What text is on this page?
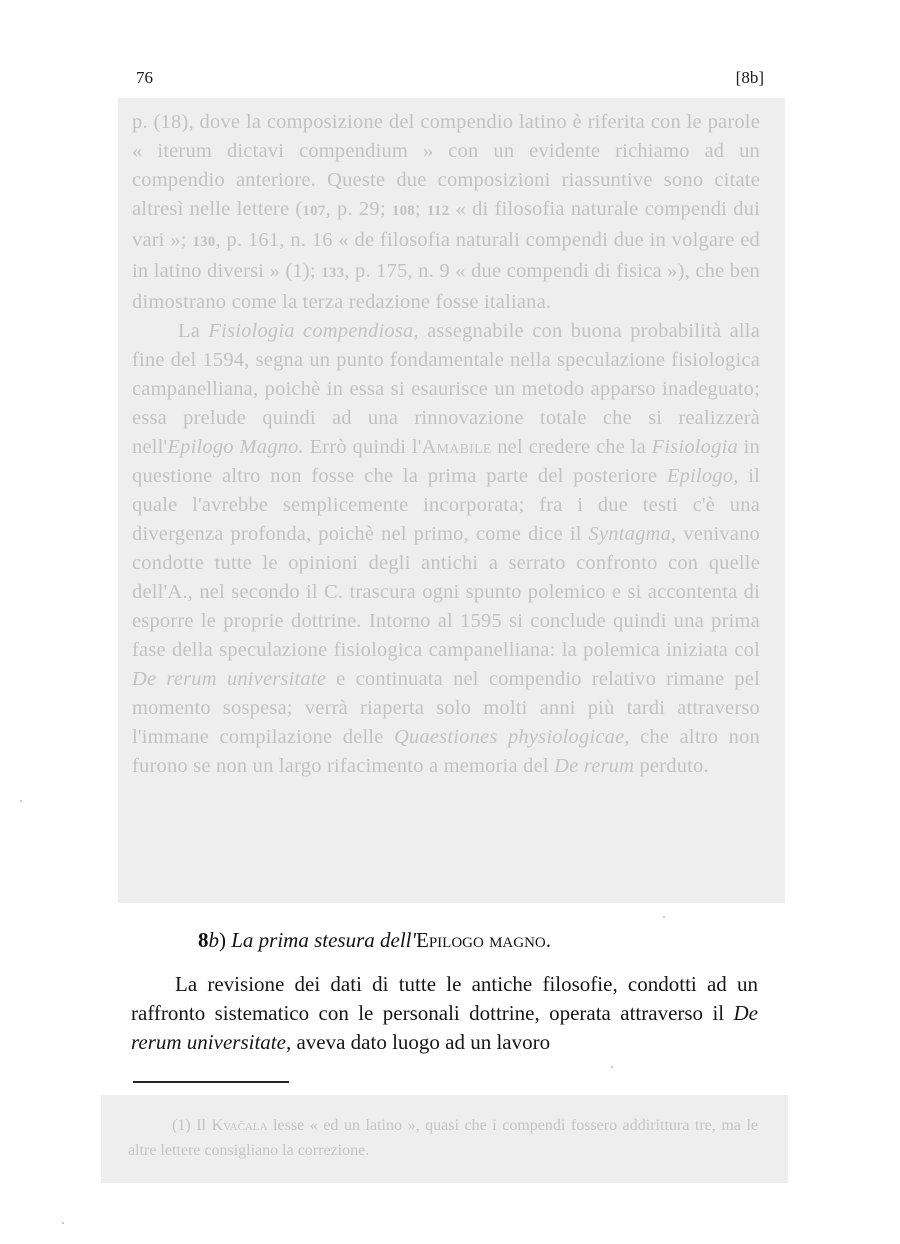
76	[8b]

p. (18), dove la composizione del compendio latino è riferita con le parole « iterum dictavi compendium » con un evidente richiamo ad un compendio anteriore. Queste due composizioni riassuntive sono citate altresì nelle lettere (107, p. 29; 108; 112 « di filosofia naturale compendi dui vari »; 130, p. 161, n. 16 « de filosofia naturali compendi due in volgare ed in latino diversi » (1); 133, p. 175, n. 9 « due compendi di fisica »), che ben dimostrano come la terza redazione fosse italiana.

La Fisiologia compendiosa, assegnabile con buona probabilità alla fine del 1594, segna un punto fondamentale nella speculazione fisiologica campanelliana, poichè in essa si esaurisce un metodo apparso inadeguato; essa prelude quindi ad una rinnovazione totale che si realizzerà nell'Epilogo Magno. Errò quindi l'Amabile nel credere che la Fisiologia in questione altro non fosse che la prima parte del posteriore Epilogo, il quale l'avrebbe semplicemente incorporata; fra i due testi c'è una divergenza profonda, poichè nel primo, come dice il Syntagma, venivano condotte tutte le opinioni degli antichi a serrato confronto con quelle dell'A., nel secondo il C. trascura ogni spunto polemico e si accontenta di esporre le proprie dottrine. Intorno al 1595 si conclude quindi una prima fase della speculazione fisiologica campanelliana: la polemica iniziata col De rerum universitate e continuata nel compendio relativo rimane pel momento sospesa; verrà riaperta solo molti anni più tardi attraverso l'immane compilazione delle Quaestiones physiologicae, che altro non furono se non un largo rifacimento a memoria del De rerum perduto.

8b) La prima stesura dell'Epilogo magno.

La revisione dei dati di tutte le antiche filosofie, condotti ad un raffronto sistematico con le personali dottrine, operata attraverso il De rerum universitate, aveva dato luogo ad un lavoro

(1) Il Kvačala lesse « ed un latino », quasi che i compendi fossero addirittura tre, ma le altre lettere consigliano la correzione.
